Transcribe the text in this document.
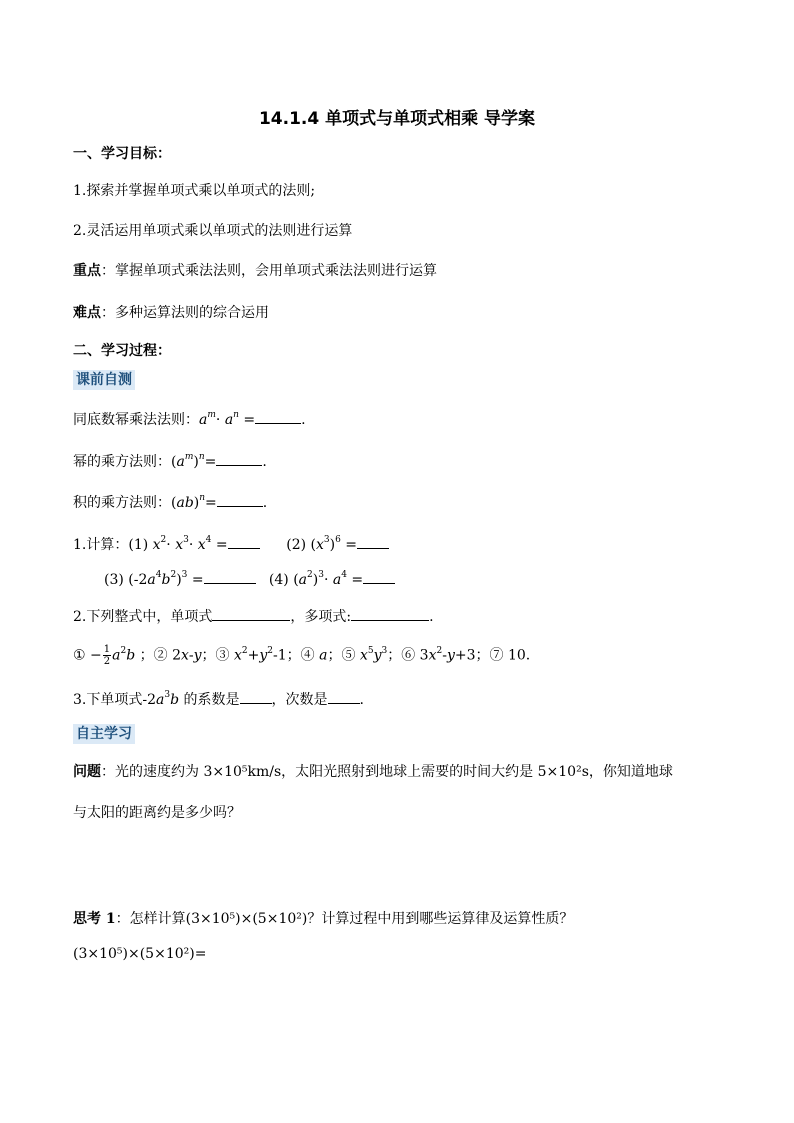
14.1.4 单项式与单项式相乘 导学案
一、学习目标：
1.探索并掌握单项式乘以单项式的法则;
2.灵活运用单项式乘以单项式的法则进行运算
重点：掌握单项式乘法法则，会用单项式乘法法则进行运算
难点：多种运算法则的综合运用
二、学习过程：
课前自测
同底数幂乘法法则：$a^m\cdot a^n$ =	.
幂的乘方法则：$(a^m)^n=$	.
积的乘方法则：(ab)$^n$=	.
1.计算：(1) $x^2\cdot x^3\cdot x^4$ =      (2) $(x^3)^6$ =
(3) $(-2a^4b^2)^3$ =	(4) $(a^2)^3\cdot a^4$ =
2.下列整式中，单项式	，多项式:	.
① − $\frac{1}{2} a^2b$ ；② 2x-y；③ $x^2+y^2-1$；④ a；⑤ $x^5y^3$；⑥ $3x^2-y+3$；⑦ 10.
3.下单项式$-2a^3b$ 的系数是 ，次数是 .
自主学习
问题：光的速度约为 3×10⁵km/s，太阳光照射到地球上需要的时间大约是 5×10²s，你知道地球
与太阳的距离约是多少吗？
思考 1：怎样计算(3×10⁵)×(5×10²)？计算过程中用到哪些运算律及运算性质？
(3×10⁵)×(5×10²)=
